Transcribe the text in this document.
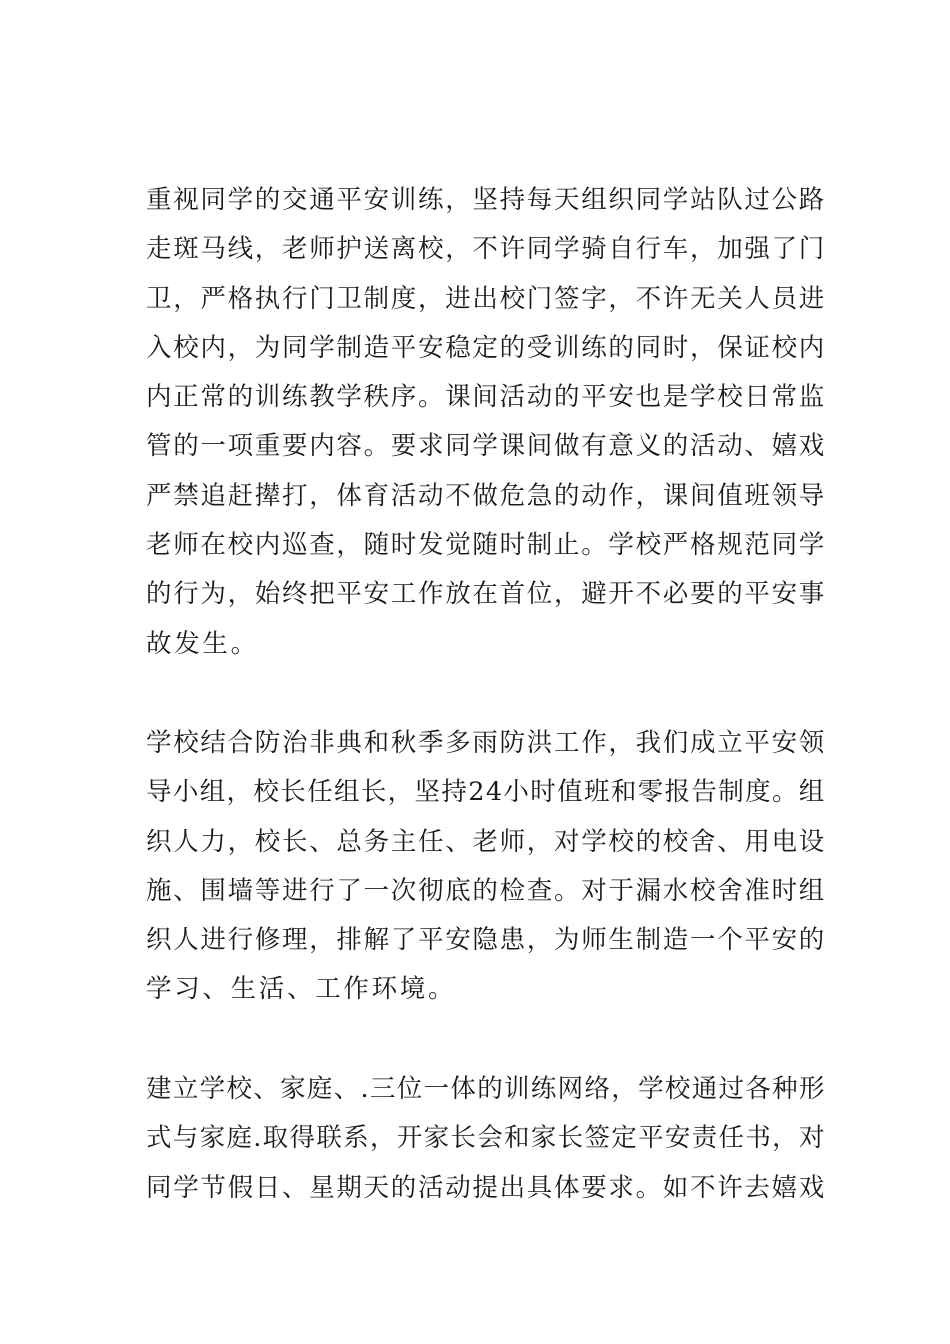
重视同学的交通平安训练，坚持每天组织同学站队过公路
走斑马线，老师护送离校，不许同学骑自行车，加强了门
卫，严格执行门卫制度，进出校门签字，不许无关人员进
入校内，为同学制造平安稳定的受训练的同时，保证校内
内正常的训练教学秩序。课间活动的平安也是学校日常监
管的一项重要内容。要求同学课间做有意义的活动、嬉戏
严禁追赶撵打，体育活动不做危急的动作，课间值班领导
老师在校内巡查，随时发觉随时制止。学校严格规范同学
的行为，始终把平安工作放在首位，避开不必要的平安事
故发生。
学校结合防治非典和秋季多雨防洪工作，我们成立平安领
导小组，校长任组长，坚持24小时值班和零报告制度。组
织人力，校长、总务主任、老师，对学校的校舍、用电设
施、围墙等进行了一次彻底的检查。对于漏水校舍准时组
织人进行修理，排解了平安隐患，为师生制造一个平安的
学习、生活、工作环境。
建立学校、家庭、.三位一体的训练网络，学校通过各种形
式与家庭.取得联系，开家长会和家长签定平安责任书，对
同学节假日、星期天的活动提出具体要求。如不许去嬉戏
